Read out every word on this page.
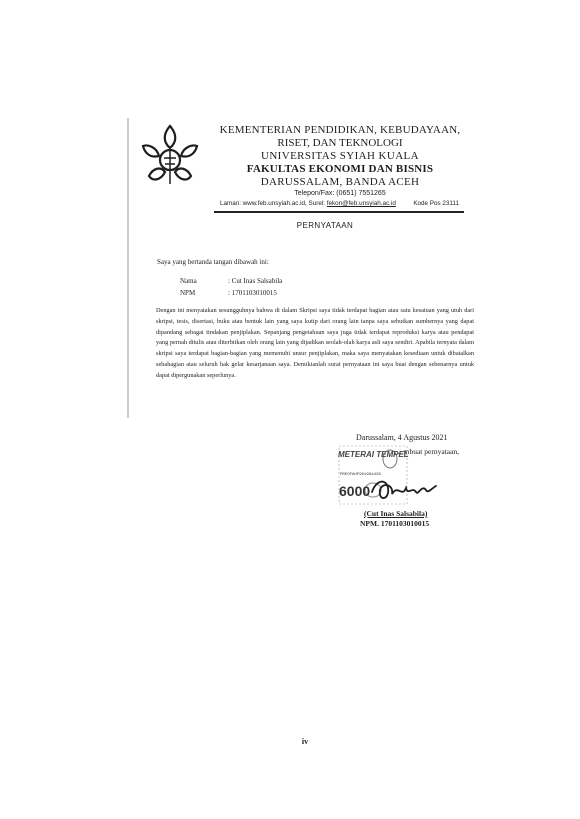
KEMENTERIAN PENDIDIKAN, KEBUDAYAAN,
RISET, DAN TEKNOLOGI
UNIVERSITAS SYIAH KUALA
FAKULTAS EKONOMI DAN BISNIS
DARUSSALAM, BANDA ACEH
Telepon/Fax: (0651) 7551265
Laman: www.feb.unsyiah.ac.id, Surel: fekon@feb.unsyiah.ac.id	Kode Pos 23111
PERNYATAAN
Saya yang bertanda tangan dibawah ini:
Nama	: Cut Inas Salsabila
NPM	: 1701103010015
Dengan ini menyatakan sesungguhnya bahwa di dalam Skripsi saya tidak terdapat bagian atau satu kesatuan yang utuh dari skripsi, tesis, disertasi, buku atau bentuk lain yang saya kutip dari orang lain tanpa saya sebutkan sumbernya yang dapat dipandang sebagai tindakan penjiplakan. Sepanjang pengetahuan saya juga tidak terdapat reproduksi karya atau pendapat yang pernah ditulis atau diterbitkan oleh orang lain yang dijadikan seolah-olah karya asli saya sendiri. Apabila ternyata dalam skripsi saya terdapat bagian-bagian yang memenuhi unsur penjiplakan, maka saya menyatakan kesediaan untuk dibatalkan sebahagian atau seluruh hak gelar kesarjanaan saya. Demikianlah surat pernyataan ini saya buat dengan sebenarnya untuk dapat dipergunakan seperlunya.
Darussalam, 4 Agustus 2021
...mbuat pernyataan,
METERAI TEMPEL
PREOFAHF901994428
6000
(Cut Inas Salsabila)
NPM. 1701103010015
iv
